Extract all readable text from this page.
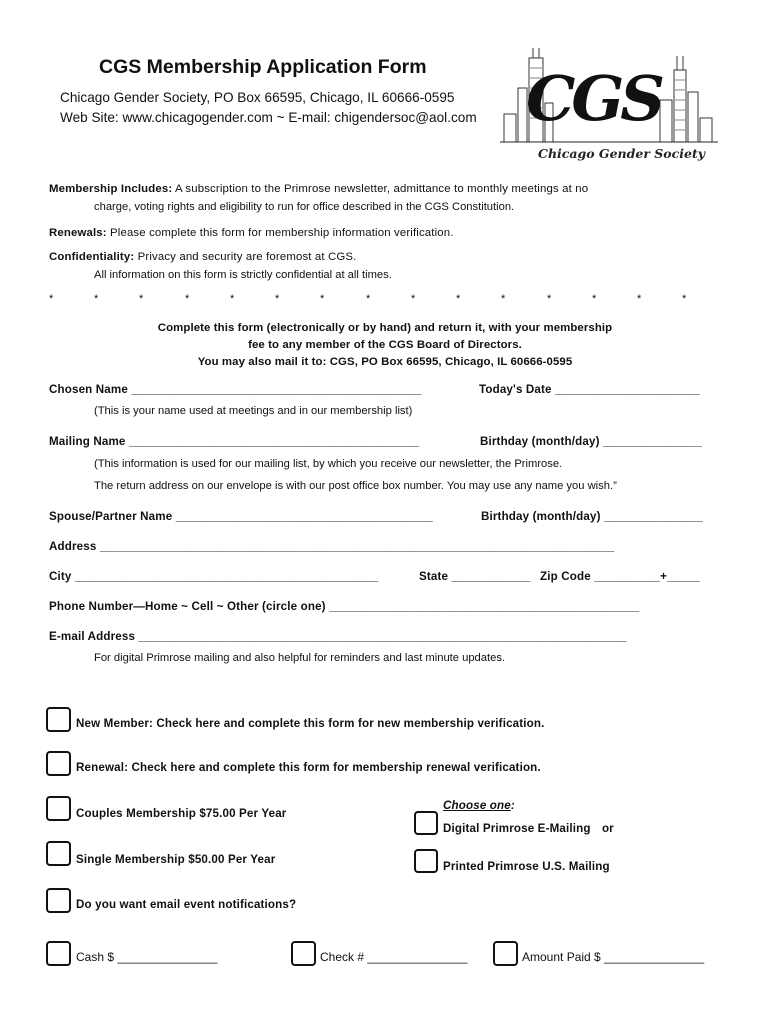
CGS Membership Application Form
Chicago Gender Society, PO Box 66595, Chicago, IL 60666-0595
Web Site: www.chicagogender.com ~ E-mail: chigendersoc@aol.com CGS
Chicago Gender Society
Membership Includes: A subscription to the Primrose newsletter, admittance to monthly meetings at no
charge, voting rights and eligibility to run for office described in the CGS Constitution.
Renewals: Please complete this form for membership information verification.
Confidentiality: Privacy and security are foremost at CGS.
All information on this form is strictly confidential at all times.
*	*	*	*	*	*	*	*	*	*	*	*	*	*	*
Complete this form (electronically or by hand) and return it, with your membership
fee to any member of the CGS Board of Directors.
You may also mail it to: CGS, PO Box 66595, Chicago, IL 60666-0595
Chosen Name ____________________________________________	Today's Date ______________________
(This is your name used at meetings and in our membership list)
Mailing Name ____________________________________________	Birthday (month/day) _______________
(This information is used for our mailing list, by which you receive our newsletter, the Primrose.
The return address on our envelope is with our post office box number. You may use any name you wish.”
Spouse/Partner Name _______________________________________	Birthday (month/day) _______________
Address ______________________________________________________________________________
City ______________________________________________	State ____________ Zip Code __________+_____
Phone Number—Home ~ Cell ~ Other (circle one) _______________________________________________
E-mail Address __________________________________________________________________________
For digital Primrose mailing and also helpful for reminders and last minute updates.
New Member: Check here and complete this form for new membership verification.
Renewal: Check here and complete this form for membership renewal verification.
Couples Membership $75.00 Per Year
Choose one:
Digital Primrose E-Mailing or
Single Membership $50.00 Per Year
Printed Primrose U.S. Mailing
Do you want email event notifications?
Cash $ _______________	Check # _______________	Amount Paid $ _______________
